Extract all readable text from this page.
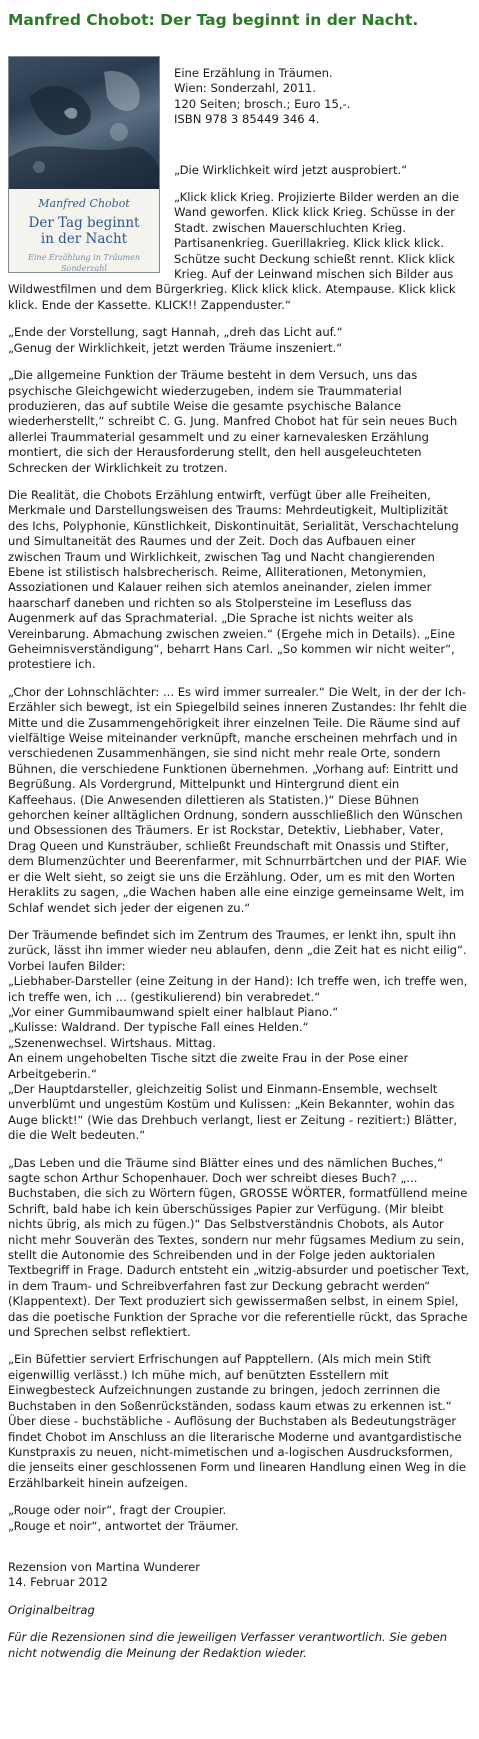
Manfred Chobot: Der Tag beginnt in der Nacht.
Manfred Chobot
Der Tag beginnt
in der Nacht
Eine Erzählung in Träumen
Sonderzahl
Eine Erzählung in Träumen.
Wien: Sonderzahl, 2011.
120 Seiten; brosch.; Euro 15,-.
ISBN 978 3 85449 346 4.

„Die Wirklichkeit wird jetzt ausprobiert.“

„Klick klick Krieg. Projizierte Bilder werden an die Wand geworfen. Klick klick Krieg. Schüsse in der Stadt. zwischen Mauerschluchten Krieg. Partisanenkrieg. Guerillakrieg. Klick klick klick. Schütze sucht Deckung schießt rennt. Klick klick Krieg. Auf der Leinwand mischen sich Bilder aus Wildwestfilmen und dem Bürgerkrieg. Klick klick klick. Atempause. Klick klick klick. Ende der Kassette. KLICK!! Zappenduster.“

„Ende der Vorstellung, sagt Hannah, „dreh das Licht auf.“
„Genug der Wirklichkeit, jetzt werden Träume inszeniert.“

„Die allgemeine Funktion der Träume besteht in dem Versuch, uns das psychische Gleichgewicht wiederzugeben, indem sie Traummaterial produzieren, das auf subtile Weise die gesamte psychische Balance wiederherstellt,“ schreibt C. G. Jung. Manfred Chobot hat für sein neues Buch allerlei Traummaterial gesammelt und zu einer karnevalesken Erzählung montiert, die sich der Herausforderung stellt, den hell ausgeleuchteten Schrecken der Wirklichkeit zu trotzen.

Die Realität, die Chobots Erzählung entwirft, verfügt über alle Freiheiten, Merkmale und Darstellungsweisen des Traums: Mehrdeutigkeit, Multiplizität des Ichs, Polyphonie, Künstlichkeit, Diskontinuität, Serialität, Verschachtelung und Simultaneität des Raumes und der Zeit. Doch das Aufbauen einer zwischen Traum und Wirklichkeit, zwischen Tag und Nacht changierenden Ebene ist stilistisch halsbrecherisch. Reime, Alliterationen, Metonymien, Assoziationen und Kalauer reihen sich atemlos aneinander, zielen immer haarscharf daneben und richten so als Stolpersteine im Lesefluss das Augenmerk auf das Sprachmaterial. „Die Sprache ist nichts weiter als Vereinbarung. Abmachung zwischen zweien.“ (Ergehe mich in Details). „Eine Geheimnisverständigung“, beharrt Hans Carl. „So kommen wir nicht weiter“, protestiere ich.

„Chor der Lohnschlächter: ... Es wird immer surrealer.“ Die Welt, in der der Ich-Erzähler sich bewegt, ist ein Spiegelbild seines inneren Zustandes: Ihr fehlt die Mitte und die Zusammengehörigkeit ihrer einzelnen Teile. Die Räume sind auf vielfältige Weise miteinander verknüpft, manche erscheinen mehrfach und in verschiedenen Zusammenhängen, sie sind nicht mehr reale Orte, sondern Bühnen, die verschiedene Funktionen übernehmen. „Vorhang auf: Eintritt und Begrüßung. Als Vordergrund, Mittelpunkt und Hintergrund dient ein Kaffeehaus. (Die Anwesenden dilettieren als Statisten.)“ Diese Bühnen gehorchen keiner alltäglichen Ordnung, sondern ausschließlich den Wünschen und Obsessionen des Träumers. Er ist Rockstar, Detektiv, Liebhaber, Vater, Drag Queen und Kunsträuber, schließt Freundschaft mit Onassis und Stifter, dem Blumenzüchter und Beerenfarmer, mit Schnurrbärtchen und der PIAF. Wie er die Welt sieht, so zeigt sie uns die Erzählung. Oder, um es mit den Worten Heraklits zu sagen, „die Wachen haben alle eine einzige gemeinsame Welt, im Schlaf wendet sich jeder der eigenen zu.“

Der Träumende befindet sich im Zentrum des Traumes, er lenkt ihn, spult ihn zurück, lässt ihn immer wieder neu ablaufen, denn „die Zeit hat es nicht eilig“. Vorbei laufen Bilder:
„Liebhaber-Darsteller (eine Zeitung in der Hand): Ich treffe wen, ich treffe wen, ich treffe wen, ich ... (gestikulierend) bin verabredet.“
„Vor einer Gummibaumwand spielt einer halblaut Piano.“
„Kulisse: Waldrand. Der typische Fall eines Helden.“
„Szenenwechsel. Wirtshaus. Mittag.
An einem ungehobelten Tische sitzt die zweite Frau in der Pose einer Arbeitgeberin.“
„Der Hauptdarsteller, gleichzeitig Solist und Einmann-Ensemble, wechselt unverblümt und ungestüm Kostüm und Kulissen: „Kein Bekannter, wohin das Auge blickt!“ (Wie das Drehbuch verlangt, liest er Zeitung - rezitiert:) Blätter, die die Welt bedeuten.“

„Das Leben und die Träume sind Blätter eines und des nämlichen Buches,“ sagte schon Arthur Schopenhauer. Doch wer schreibt dieses Buch? „... Buchstaben, die sich zu Wörtern fügen, GROSSE WÖRTER, formatfüllend meine Schrift, bald habe ich kein überschüssiges Papier zur Verfügung. (Mir bleibt nichts übrig, als mich zu fügen.)“ Das Selbstverständnis Chobots, als Autor nicht mehr Souverän des Textes, sondern nur mehr fügsames Medium zu sein, stellt die Autonomie des Schreibenden und in der Folge jeden auktorialen Textbegriff in Frage. Dadurch entsteht ein „witzig-absurder und poetischer Text, in dem Traum- und Schreibverfahren fast zur Deckung gebracht werden“ (Klappentext). Der Text produziert sich gewissermaßen selbst, in einem Spiel, das die poetische Funktion der Sprache vor die referentielle rückt, das Sprache und Sprechen selbst reflektiert.

„Ein Büfettier serviert Erfrischungen auf Papptellern. (Als mich mein Stift eigenwillig verlässt.) Ich mühe mich, auf benützten Esstellern mit Einwegbesteck Aufzeichnungen zustande zu bringen, jedoch zerrinnen die Buchstaben in den Soßenrückständen, sodass kaum etwas zu erkennen ist.“ Über diese - buchstäbliche - Auflösung der Buchstaben als Bedeutungsträger findet Chobot im Anschluss an die literarische Moderne und avantgardistische Kunstpraxis zu neuen, nicht-mimetischen und a-logischen Ausdrucksformen, die jenseits einer geschlossenen Form und linearen Handlung einen Weg in die Erzählbarkeit hinein aufzeigen.

„Rouge oder noir“, fragt der Croupier.
„Rouge et noir“, antwortet der Träumer.
Rezension von Martina Wunderer
14. Februar 2012

Originalbeitrag

Für die Rezensionen sind die jeweiligen Verfasser verantwortlich. Sie geben nicht notwendig die Meinung der Redaktion wieder.
